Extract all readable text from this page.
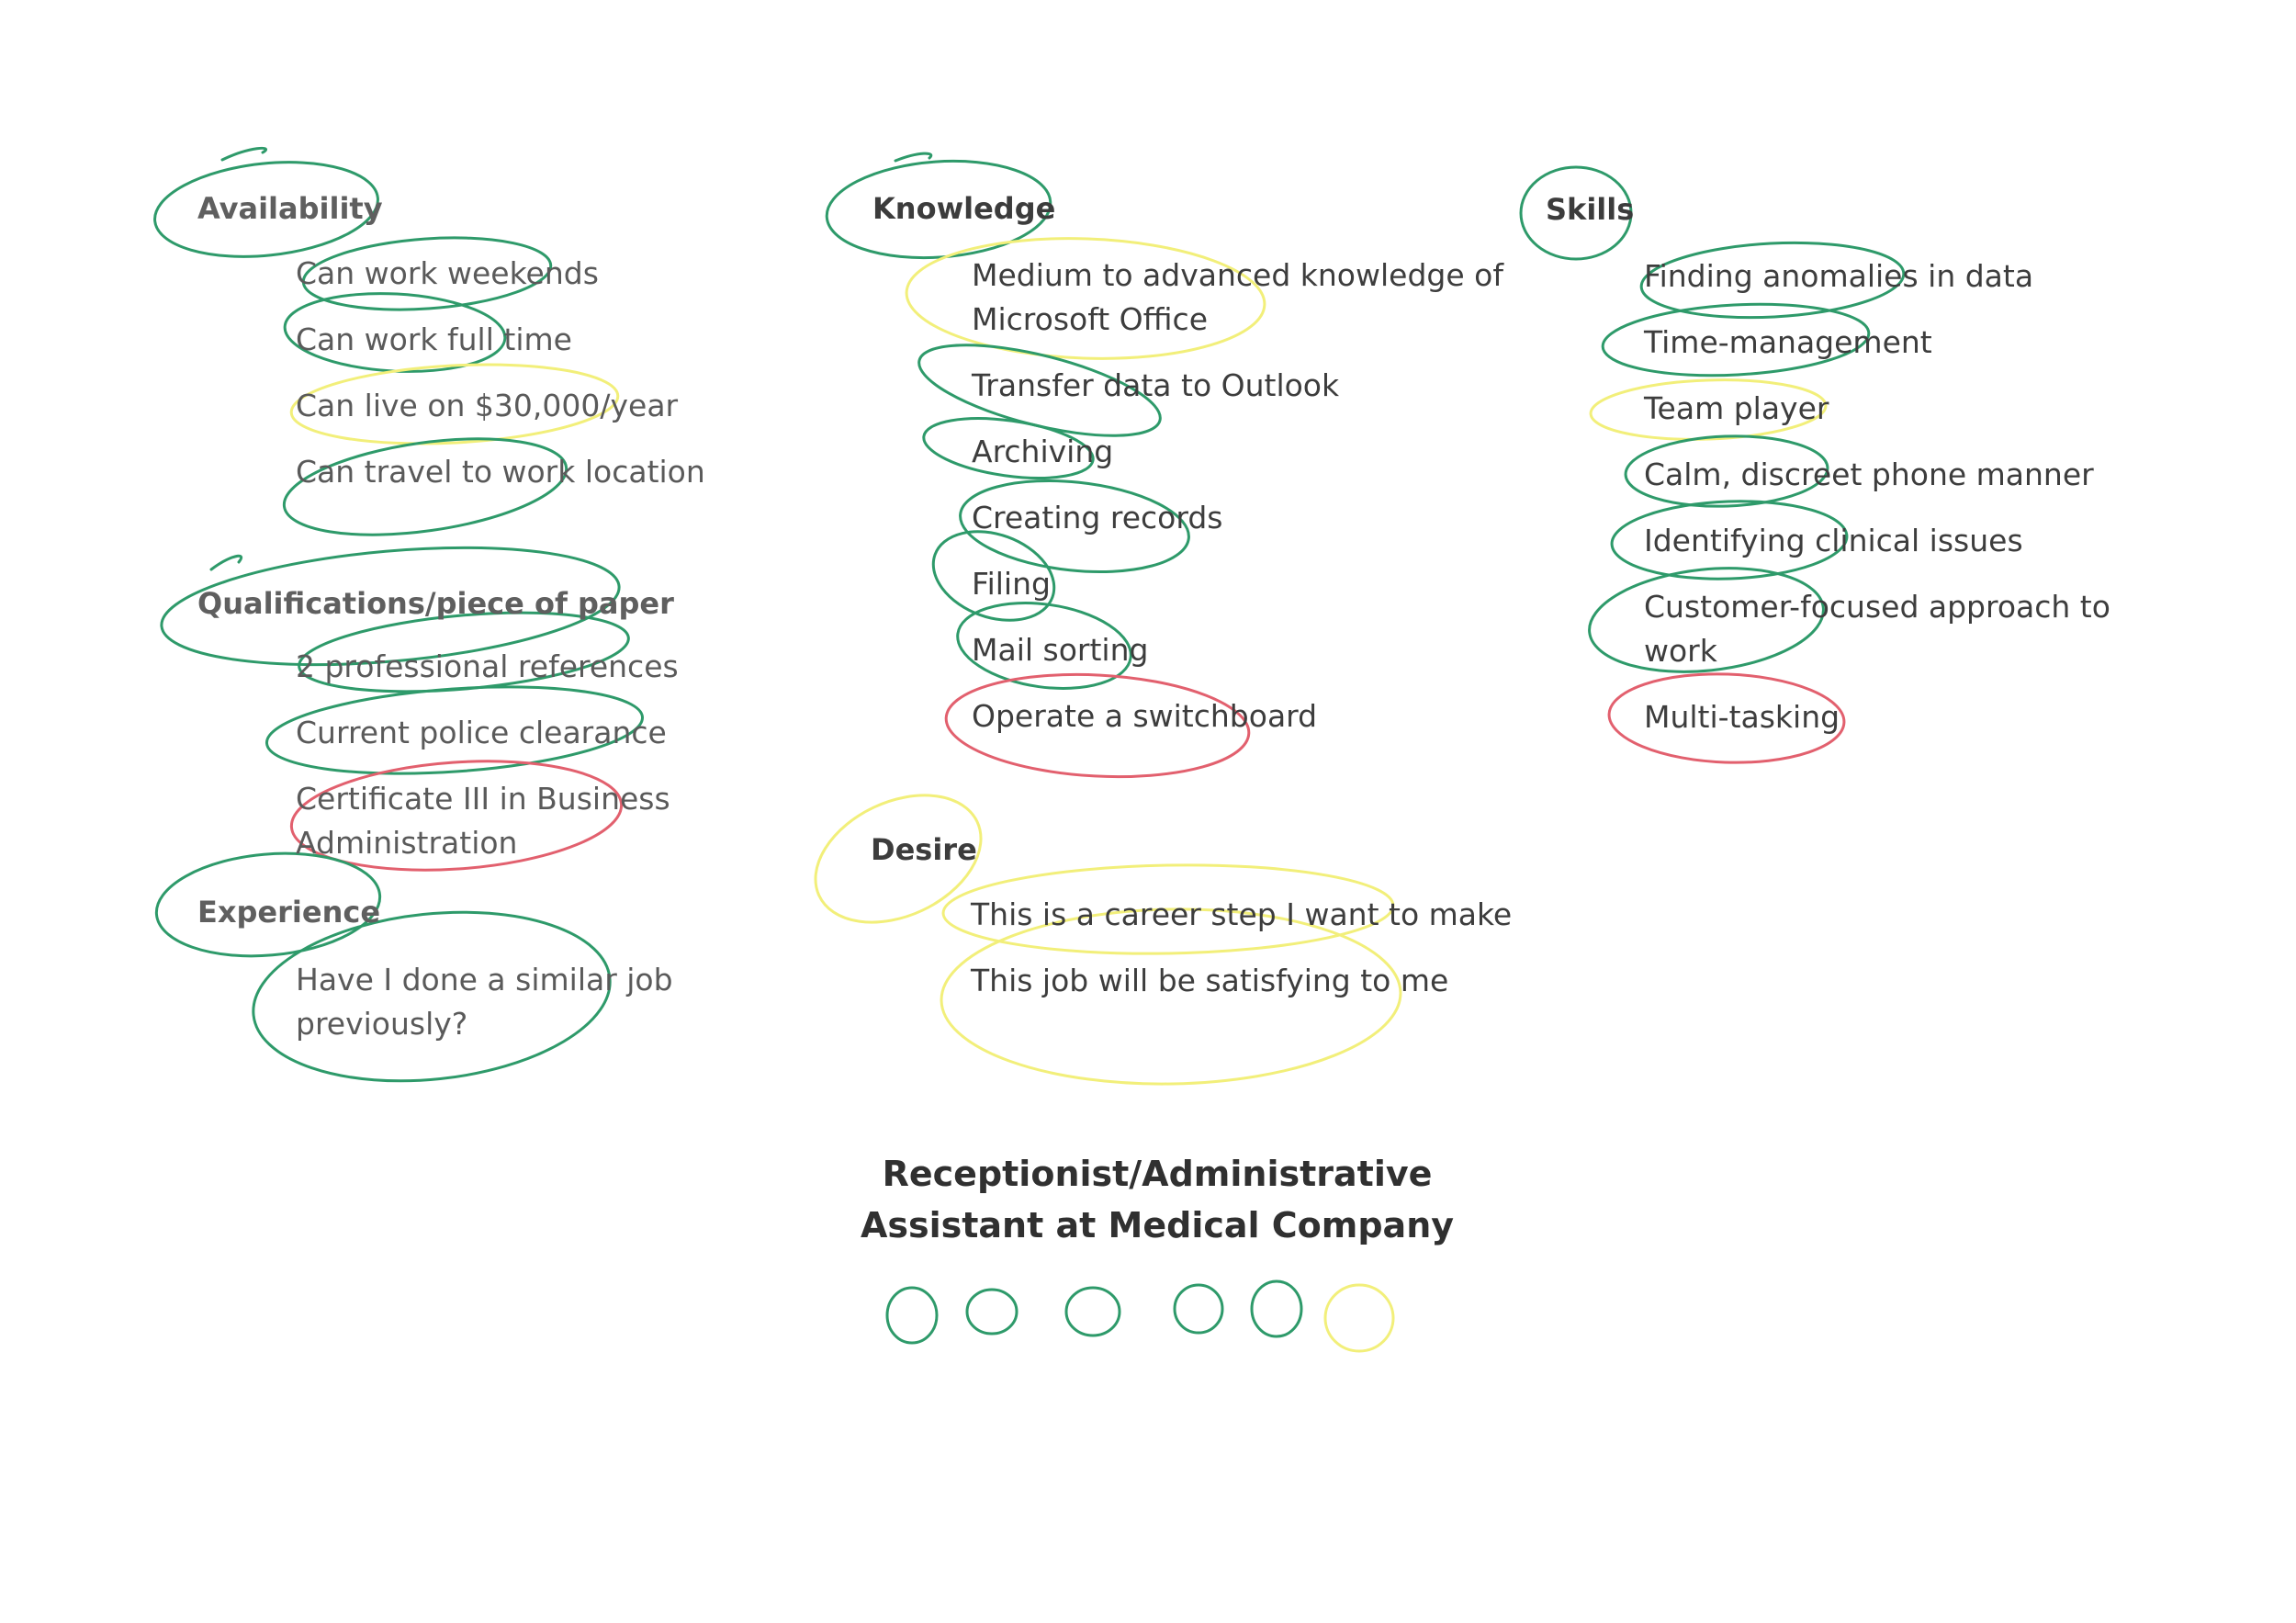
Availability
Can work weekends
Can work full time
Can live on $30,000/year
Can travel to work location
Qualifications/piece of paper
2 professional references
Current police clearance
Certificate III in Business
Administration
Experience
Have I done a similar job
previously?
Knowledge
Medium to advanced knowledge of
Microsoft Office
Transfer data to Outlook
Archiving
Creating records
Filing
Mail sorting
Operate a switchboard
Desire
This is a career step I want to make
This job will be satisfying to me
Skills
Finding anomalies in data
Time-management
Team player
Calm, discreet phone manner
Identifying clinical issues
Customer-focused approach to
work
Multi-tasking
Receptionist/Administrative
Assistant at Medical Company
